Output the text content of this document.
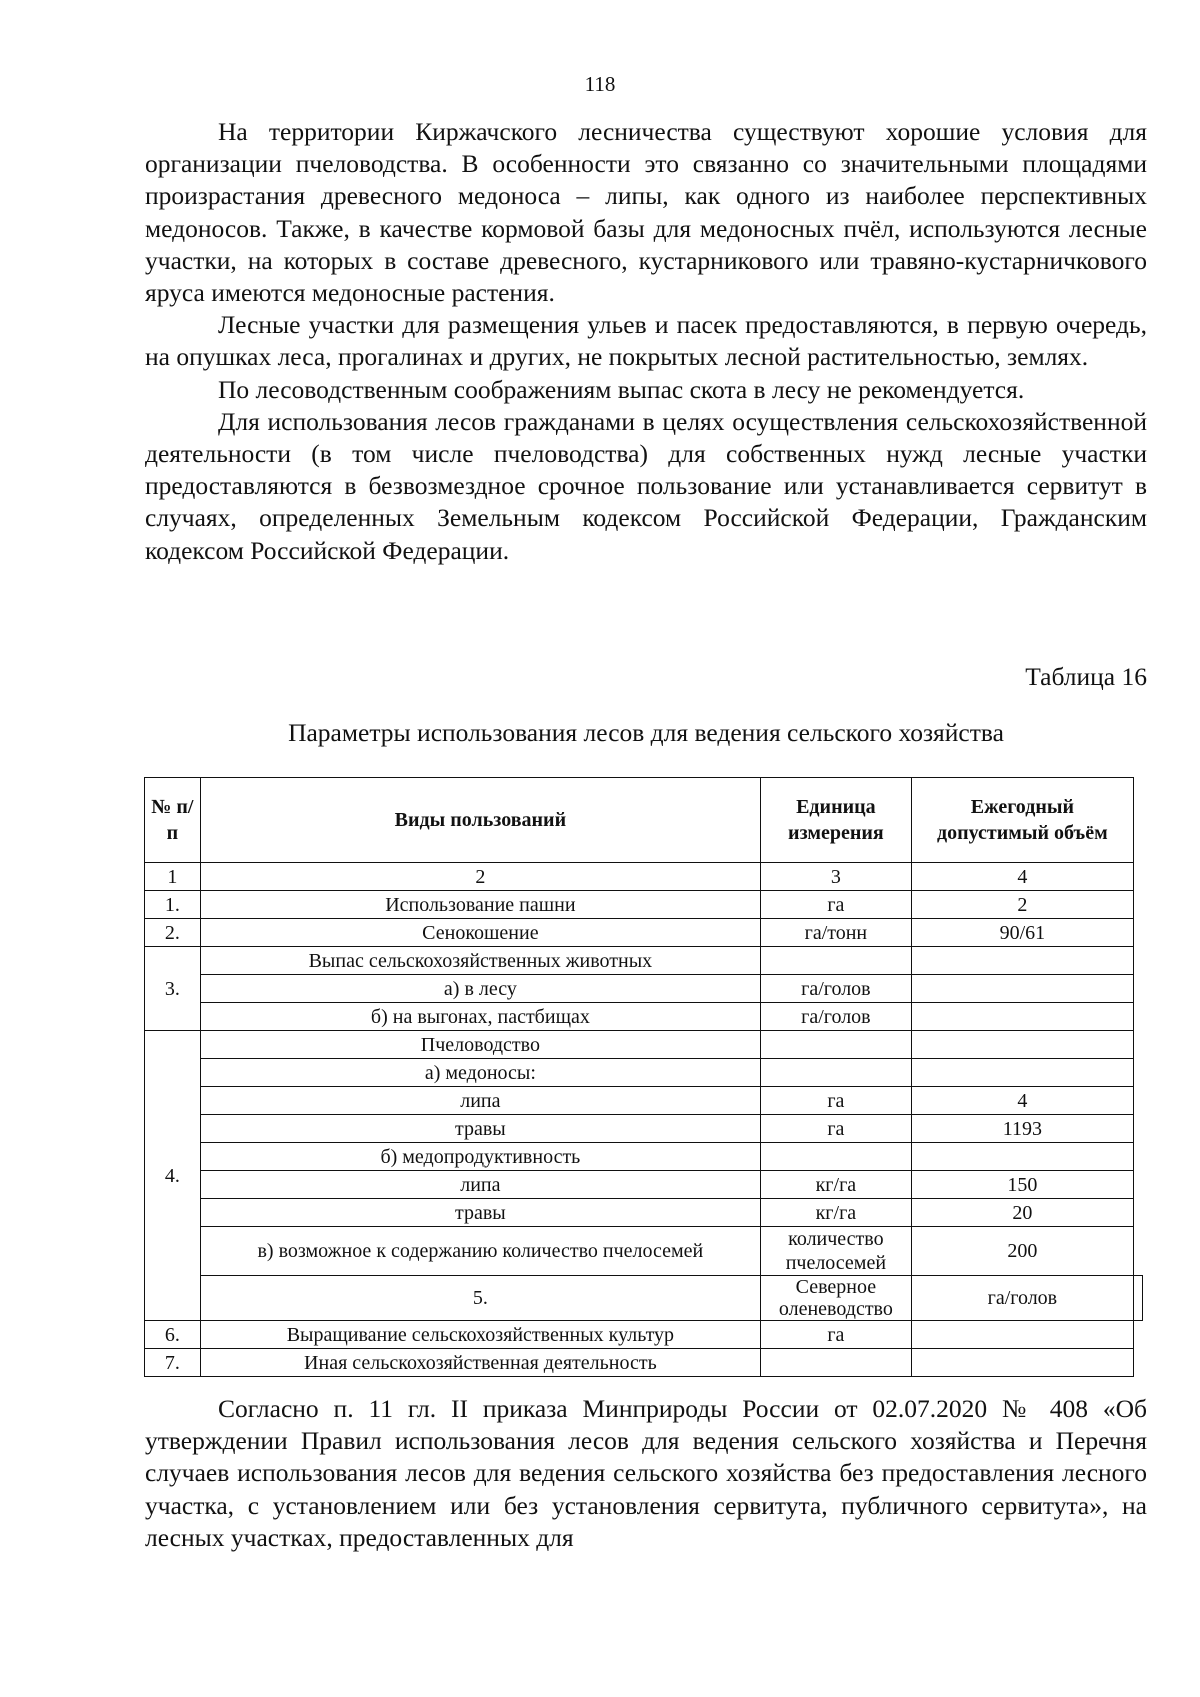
118

На территории Киржачского лесничества существуют хорошие условия для организации пчеловодства. В особенности это связанно со значительными площадями произрастания древесного медоноса – липы, как одного из наиболее перспективных медоносов. Также, в качестве кормовой базы для медоносных пчёл, используются лесные участки, на которых в составе древесного, кустарникового или травяно-кустарничкового яруса имеются медоносные растения.

Лесные участки для размещения ульев и пасек предоставляются, в первую очередь, на опушках леса, прогалинах и других, не покрытых лесной растительностью, землях.

По лесоводственным соображениям выпас скота в лесу не рекомендуется.

Для использования лесов гражданами в целях осуществления сельскохозяйственной деятельности (в том числе пчеловодства) для собственных нужд лесные участки предоставляются в безвозмездное срочное пользование или устанавливается сервитут в случаях, определенных Земельным кодексом Российской Федерации, Гражданским кодексом Российской Федерации.

Таблица 16
Параметры использования лесов для ведения сельского хозяйства
№ п/п	Виды пользований	Единица измерения	Ежегодный допустимый объём	
1	2	3	4	
1.	Использование пашни	га	2	
2.	Сенокошение	га/тонн	90/61	
3.	Выпас сельскохозяйственных животных			
	а) в лесу	га/голов		
	б) на выгонах, пастбищах	га/голов		
4.	Пчеловодство			
	а) медоносы:			
	липа	га	4	
	травы	га	1193	
	б) медопродуктивность			
	липа	кг/га	150	
	травы	кг/га	20	
	в) возможное к содержанию количество пчелосемей	количество пчелосемей	200	
	5.	Северное оленеводство	га/голов	
6.	Выращивание сельскохозяйственных культур	га		
7.	Иная сельскохозяйственная деятельность			

Согласно п. 11 гл. II приказа Минприроды России от 02.07.2020 № 408 «Об утверждении Правил использования лесов для ведения сельского хозяйства и Перечня случаев использования лесов для ведения сельского хозяйства без предоставления лесного участка, с установлением или без установления сервитута, публичного сервитута», на лесных участках, предоставленных для
